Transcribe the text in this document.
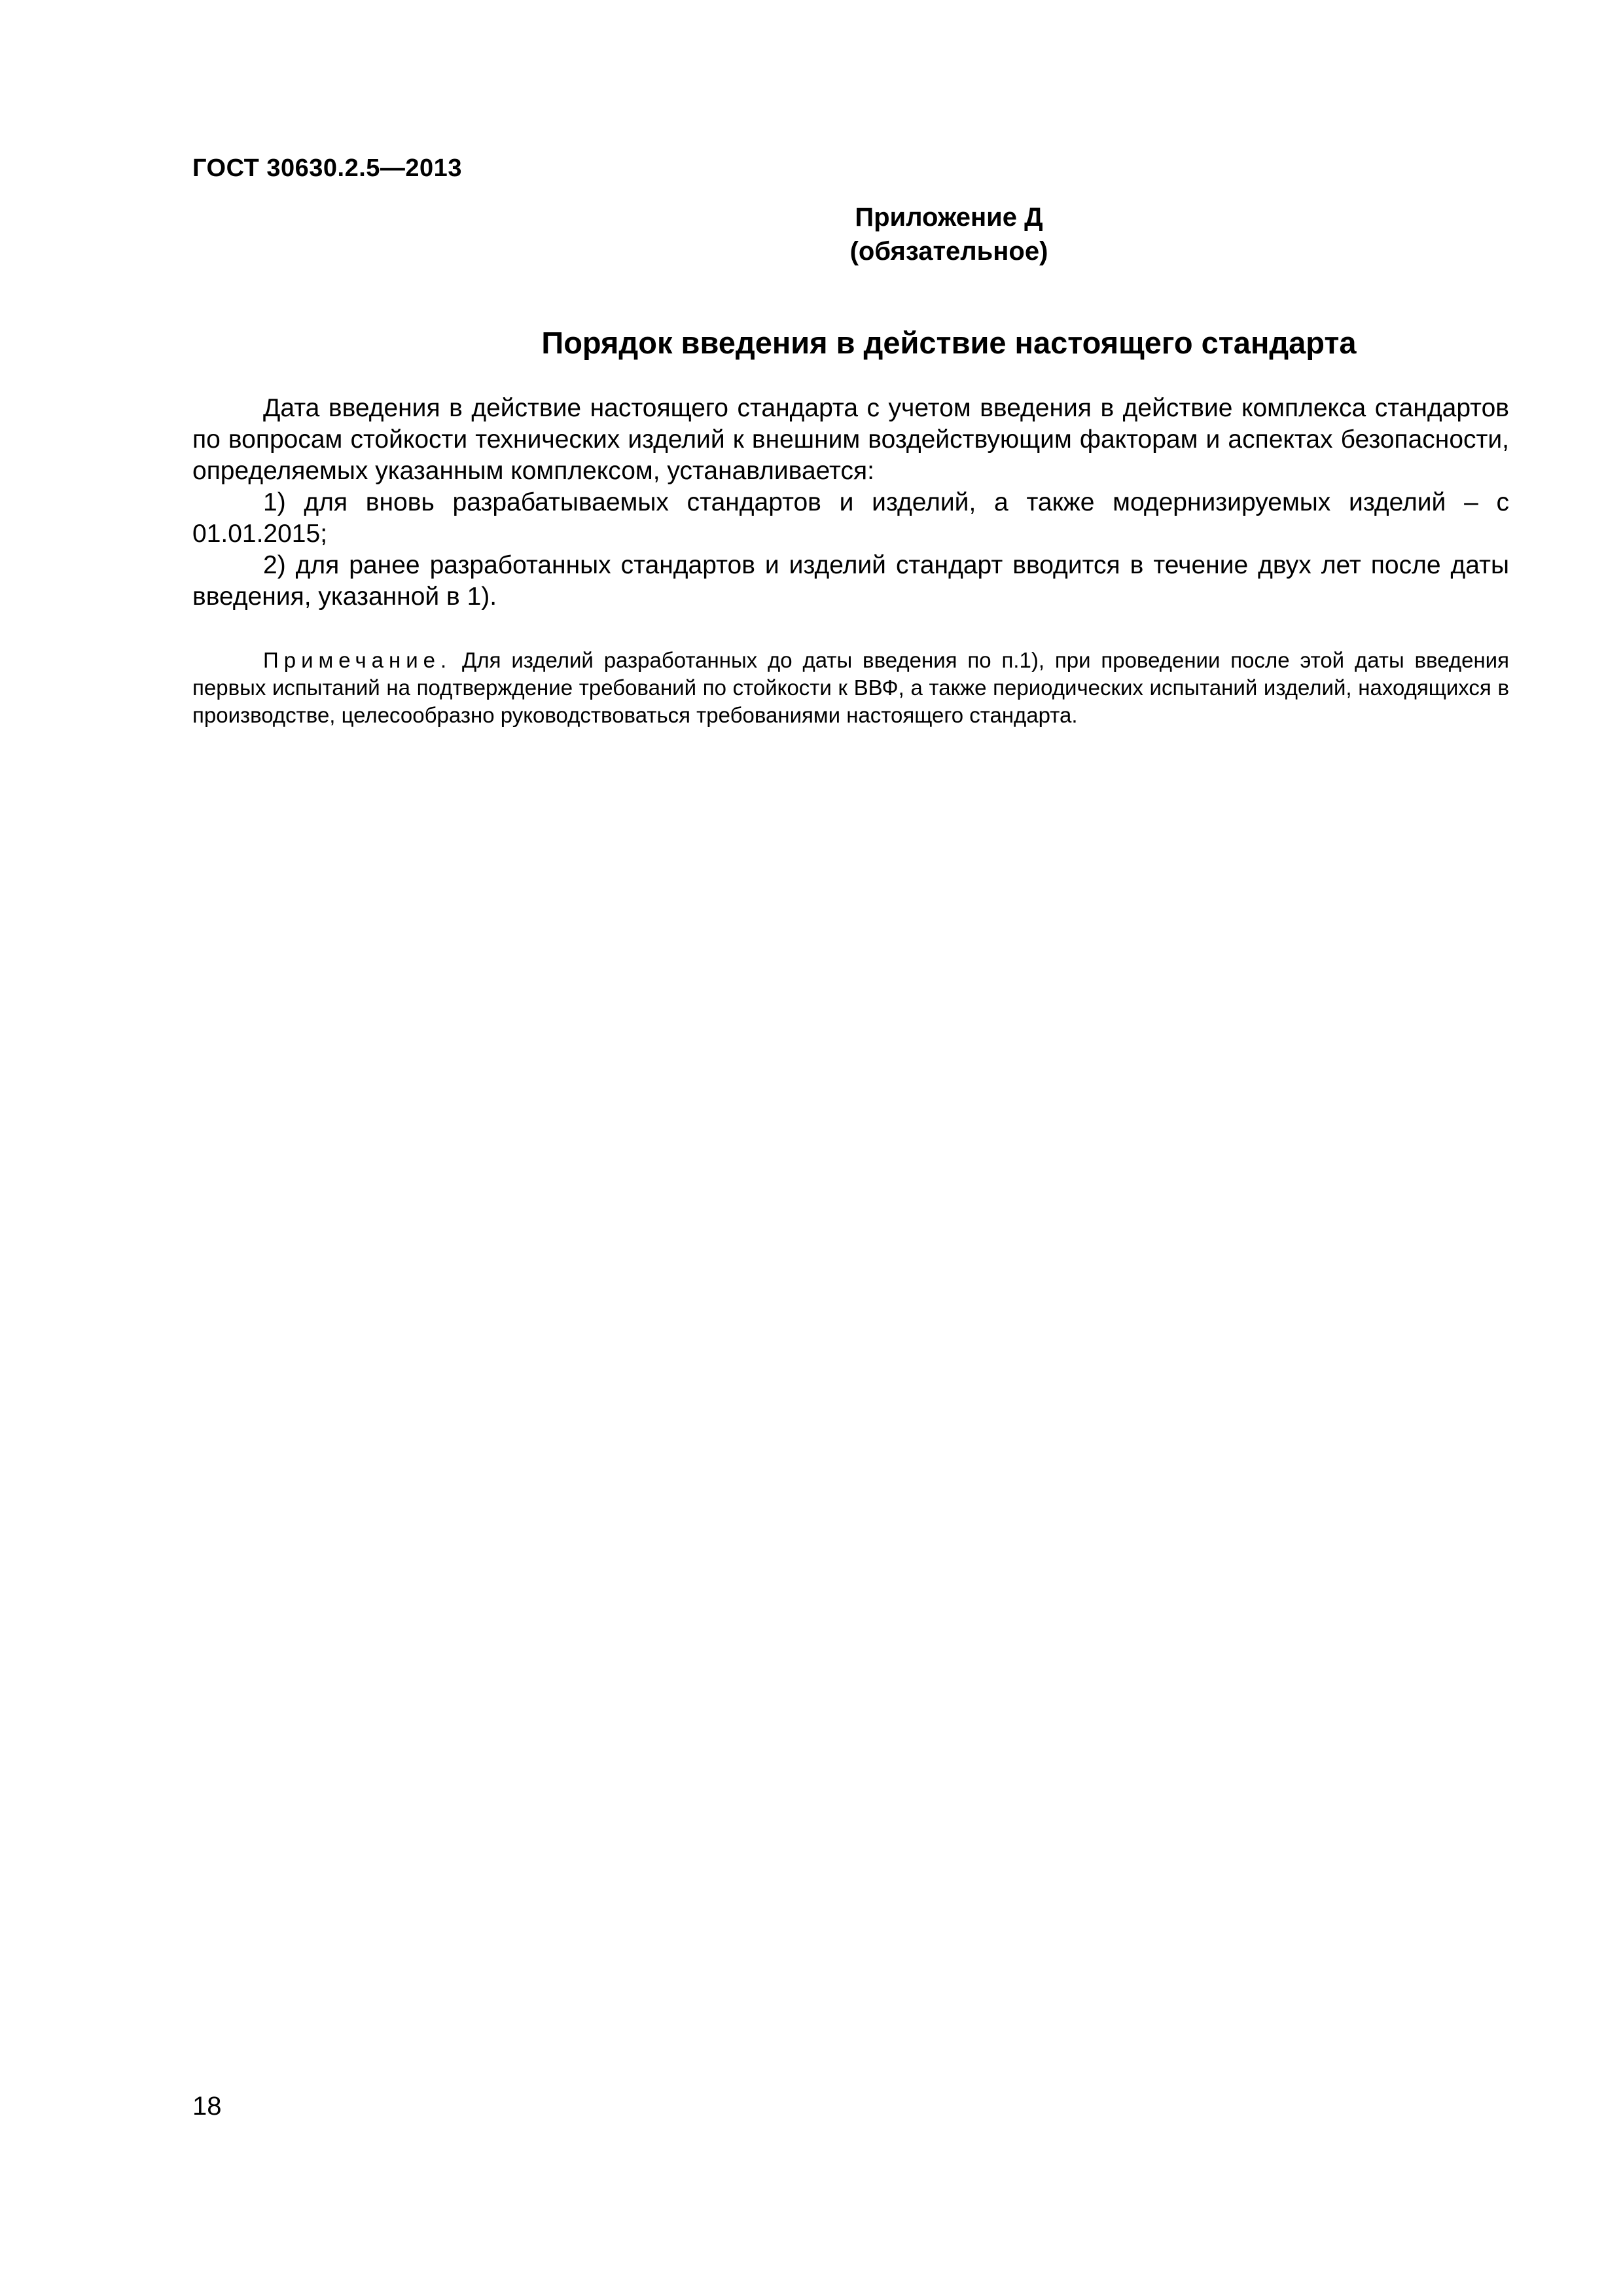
ГОСТ 30630.2.5—2013
Приложение Д
(обязательное)
Порядок введения в действие настоящего стандарта

Дата введения в действие настоящего стандарта с учетом введения в действие комплекса стандартов по вопросам стойкости технических изделий к внешним воздействующим факторам и аспектах безопасности, определяемых указанным комплексом, устанавливается:

1) для вновь разрабатываемых стандартов и изделий, а также модернизируемых изделий – с 01.01.2015;

2) для ранее разработанных стандартов и изделий стандарт вводится в течение двух лет после даты введения, указанной в 1).

Примечание. Для изделий разработанных до даты введения по п.1), при проведении после этой даты введения первых испытаний на подтверждение требований по стойкости к ВВФ, а также периодических испытаний изделий, находящихся в производстве, целесообразно руководствоваться требованиями настоящего стандарта.

18
